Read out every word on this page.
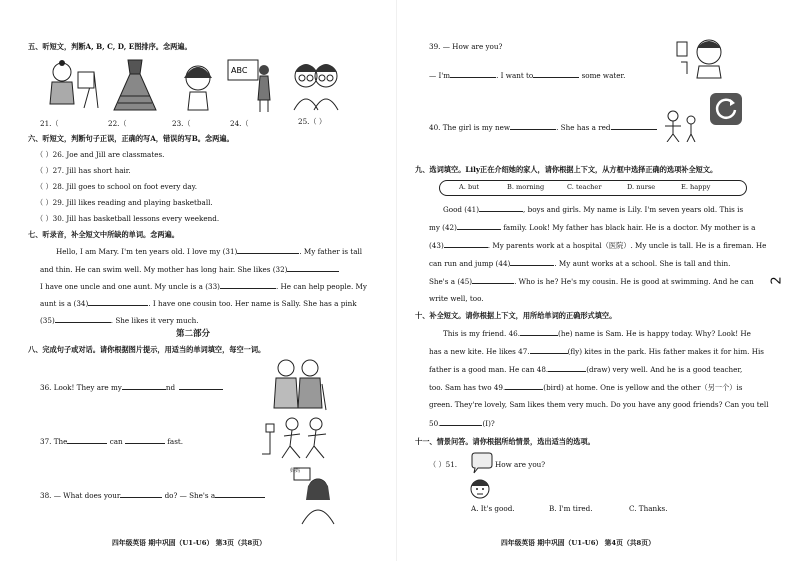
五、听短文，判断A, B, C, D, E图排序。念两遍。
ABC
21.（	22.（	23.（	24.（	25.（ ）
六、听短文，判断句子正误，正确的写A，错误的写B。念两遍。
（ ）26. Joe and Jill are classmates.
（ ）27. Jill has short hair.
（ ）28. Jill goes to school on foot every day.
（ ）29. Jill likes reading and playing basketball.
（ ）30. Jill has basketball lessons every weekend.
七、听录音，补全短文中所缺的单词。念两遍。
Hello, I am Mary. I'm ten years old. I love my (31)	. My father is tall
and thin. He can swim well. My mother has long hair. She likes (32)
I have one uncle and one aunt. My uncle is a (33)	. He can help people. My
aunt is a (34)	. I have one cousin too. Her name is Sally. She has a pink
(35)	. She likes it very much.
第二部分
八、完成句子或对话。请你根据图片提示，用适当的单词填空，每空一词。
36. Look! They are my	nd
37. The	can	fast.
妈妈
38. — What does your	do? — She's a
四年级英语 期中巩固（U1-U6） 第3页（共8页）
39. — How are you?
— I'm	. I want to	some water.
40. The girl is my new	. She has a red
九、选词填空。Lily正在介绍她的家人，请你根据上下文，从方框中选择正确的选项补全短文。
A. but	B. morning	C. teacher	D. nurse	E. happy
Good (41)	, boys and girls. My name is Lily. I'm seven years old. This is
my (42)	family. Look! My father has black hair. He is a doctor. My mother is a
(43)	. My parents work at a hospital（医院）. My uncle is tall. He is a fireman. He
can run and jump (44)	. My aunt works at a school. She is tall and thin.
She's a (45)	. Who is he? He's my cousin. He is good at swimming. And he can
write well, too.
十、补全短文。请你根据上下文，用所给单词的正确形式填空。
This is my friend. 46.	(he) name is Sam. He is happy today. Why? Look! He
has a new kite. He likes 47.	(fly) kites in the park. His father makes it for him. His
father is a good man. He can 48.	(draw) very well. And he is a good teacher,
too. Sam has two 49.	(bird) at home. One is yellow and the other（另一个）is
green. They're lovely, Sam likes them very much. Do you have any good friends? Can you tell
50.	(I)?
十一、情景问答。请你根据所给情景，选出适当的选项。
（ ）51.	How are you?
A. It's good.	B. I'm tired.	C. Thanks.
2
四年级英语 期中巩固（U1-U6） 第4页（共8页）
